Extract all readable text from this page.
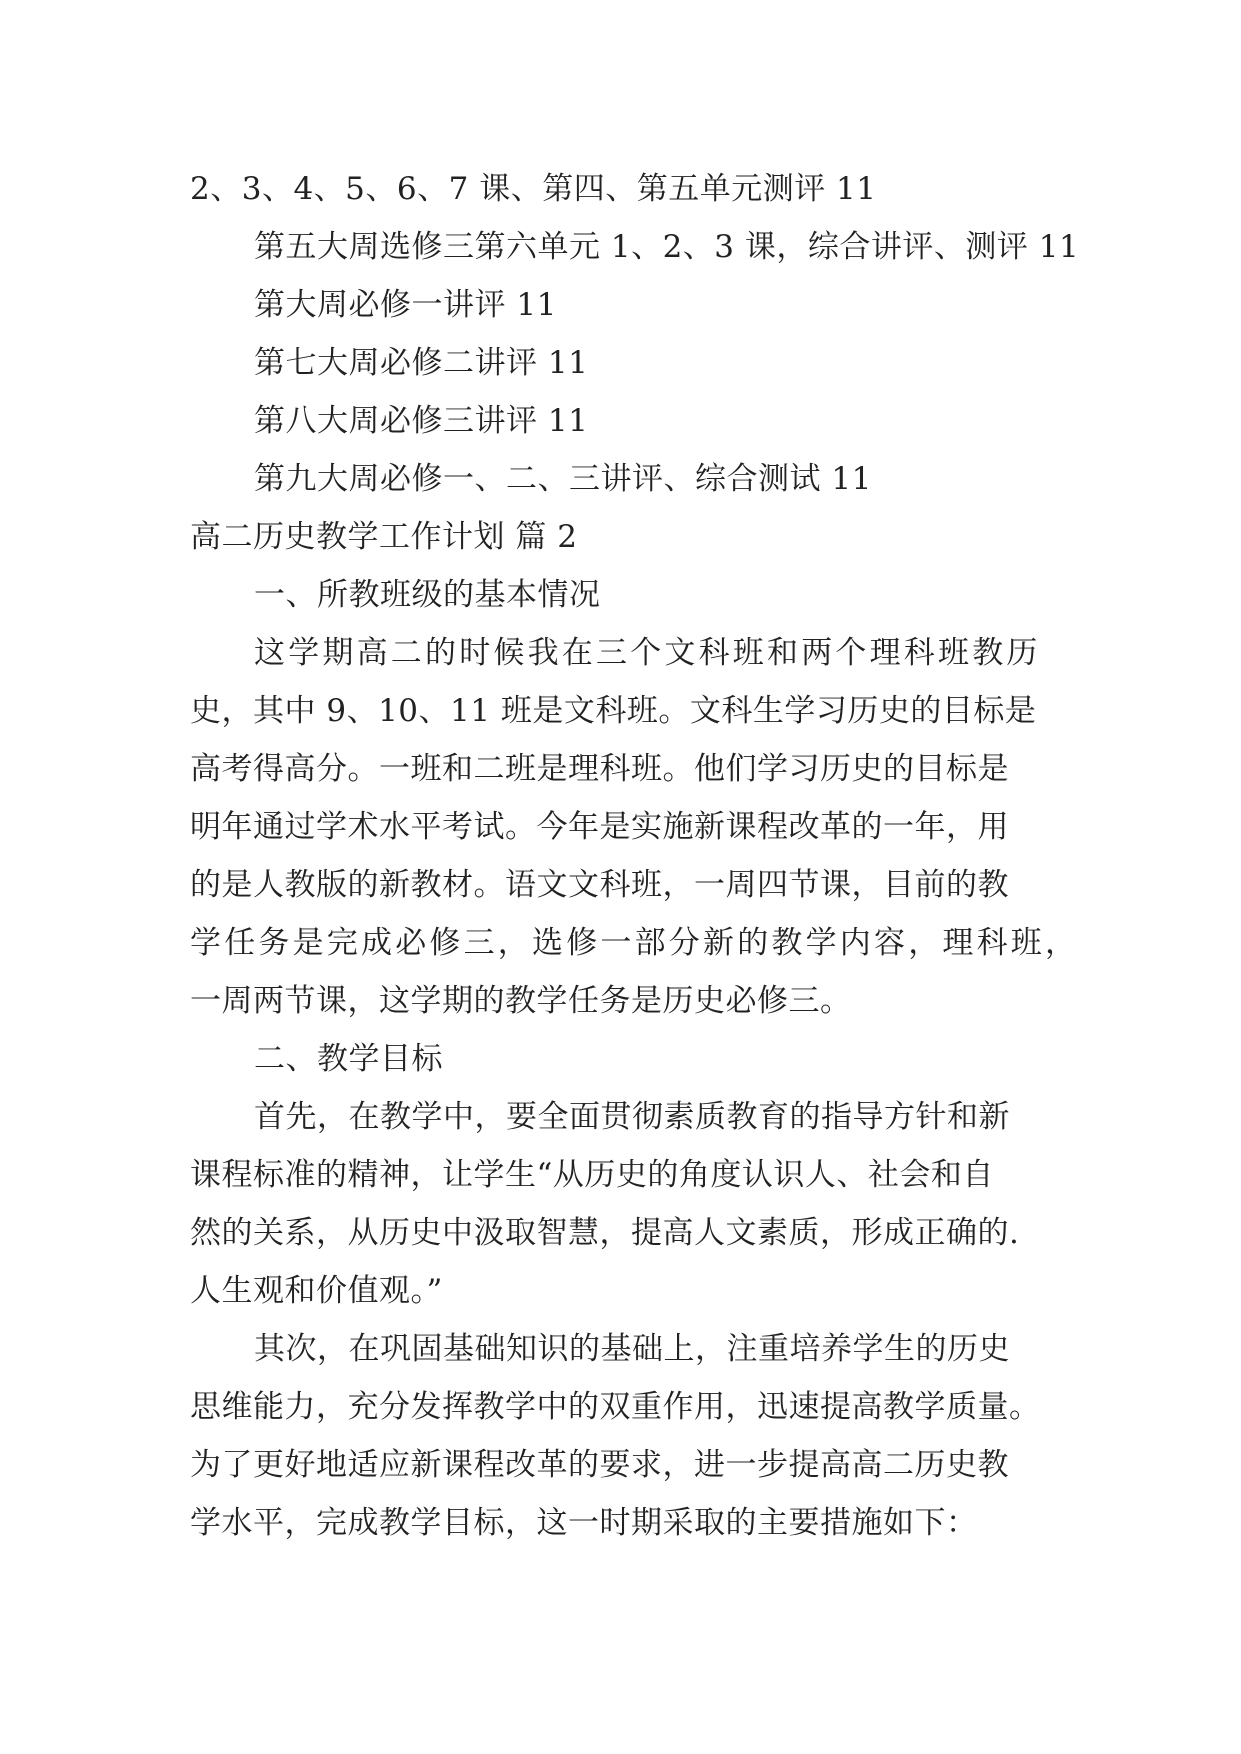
2、3、4、5、6、7 课、第四、第五单元测评 11
第五大周选修三第六单元 1、2、3 课，综合讲评、测评 11
第大周必修一讲评 11
第七大周必修二讲评 11
第八大周必修三讲评 11
第九大周必修一、二、三讲评、综合测试 11
高二历史教学工作计划 篇 2
一、所教班级的基本情况
这学期高二的时候我在三个文科班和两个理科班教历
史，其中 9、10、11 班是文科班。文科生学习历史的目标是
高考得高分。一班和二班是理科班。他们学习历史的目标是
明年通过学术水平考试。今年是实施新课程改革的一年，用
的是人教版的新教材。语文文科班，一周四节课，目前的教
学任务是完成必修三，选修一部分新的教学内容，理科班，
一周两节课，这学期的教学任务是历史必修三。
二、教学目标
首先，在教学中，要全面贯彻素质教育的指导方针和新
课程标准的精神，让学生“从历史的角度认识人、社会和自
然的关系，从历史中汲取智慧，提高人文素质，形成正确的.
人生观和价值观。”
其次，在巩固基础知识的基础上，注重培养学生的历史
思维能力，充分发挥教学中的双重作用，迅速提高教学质量。
为了更好地适应新课程改革的要求，进一步提高高二历史教
学水平，完成教学目标，这一时期采取的主要措施如下：
